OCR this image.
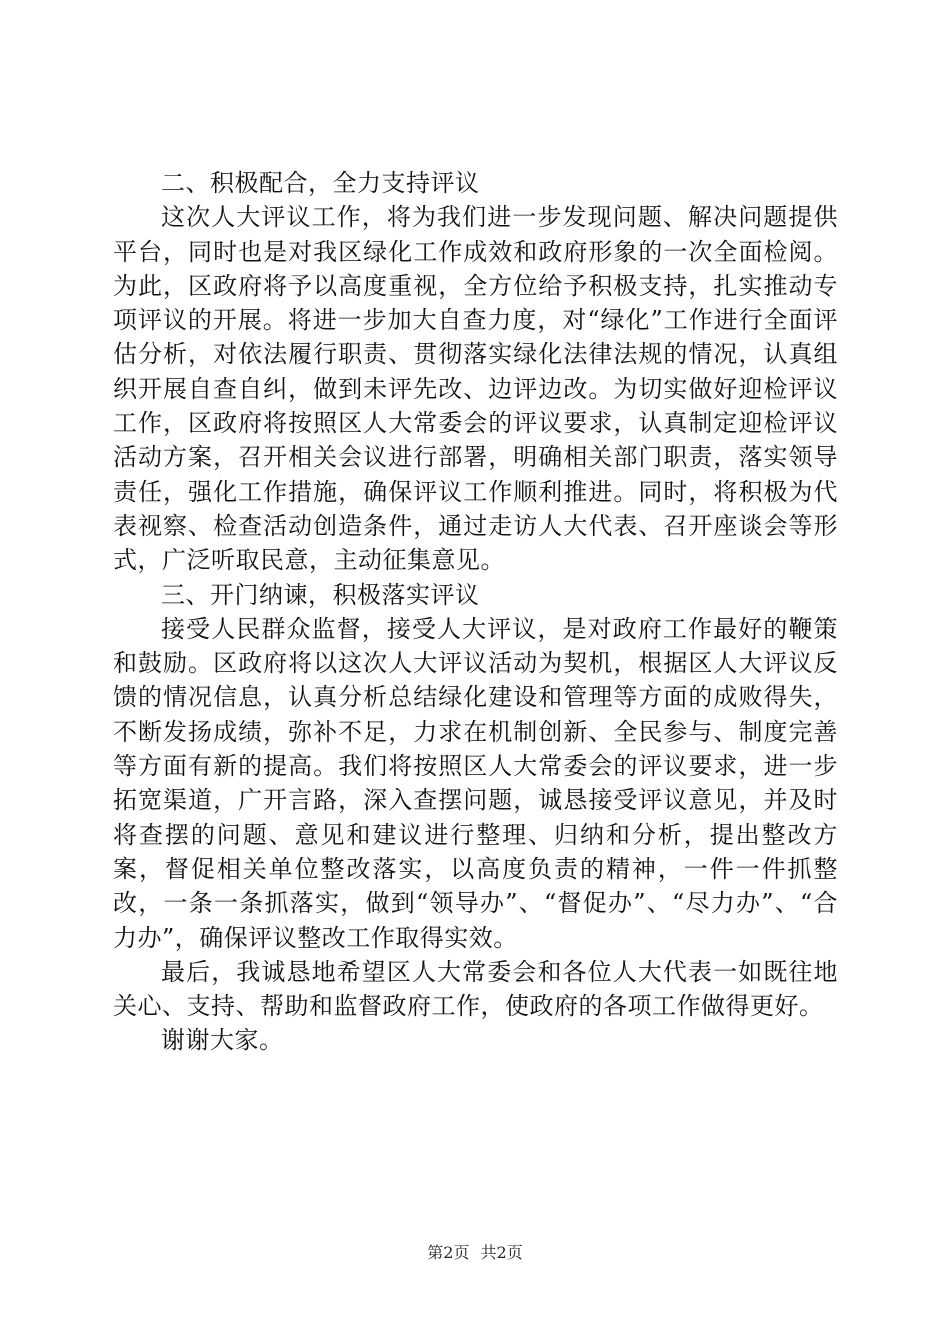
二、积极配合，全力支持评议

这次人大评议工作，将为我们进一步发现问题、解决问题提供平台，同时也是对我区绿化工作成效和政府形象的一次全面检阅。为此，区政府将予以高度重视，全方位给予积极支持，扎实推动专项评议的开展。将进一步加大自查力度，对“绿化”工作进行全面评估分析，对依法履行职责、贯彻落实绿化法律法规的情况，认真组织开展自查自纠，做到未评先改、边评边改。为切实做好迎检评议工作，区政府将按照区人大常委会的评议要求，认真制定迎检评议活动方案，召开相关会议进行部署，明确相关部门职责，落实领导责任，强化工作措施，确保评议工作顺利推进。同时，将积极为代表视察、检查活动创造条件，通过走访人大代表、召开座谈会等形式，广泛听取民意，主动征集意见。

三、开门纳谏，积极落实评议

接受人民群众监督，接受人大评议，是对政府工作最好的鞭策和鼓励。区政府将以这次人大评议活动为契机，根据区人大评议反馈的情况信息，认真分析总结绿化建设和管理等方面的成败得失，不断发扬成绩，弥补不足，力求在机制创新、全民参与、制度完善等方面有新的提高。我们将按照区人大常委会的评议要求，进一步拓宽渠道，广开言路，深入查摆问题，诚恳接受评议意见，并及时将查摆的问题、意见和建议进行整理、归纳和分析，提出整改方案，督促相关单位整改落实，以高度负责的精神，一件一件抓整改，一条一条抓落实，做到“领导办”、“督促办”、“尽力办”、“合力办”，确保评议整改工作取得实效。

最后，我诚恳地希望区人大常委会和各位人大代表一如既往地关心、支持、帮助和监督政府工作，使政府的各项工作做得更好。

谢谢大家。

第2页 共2页
